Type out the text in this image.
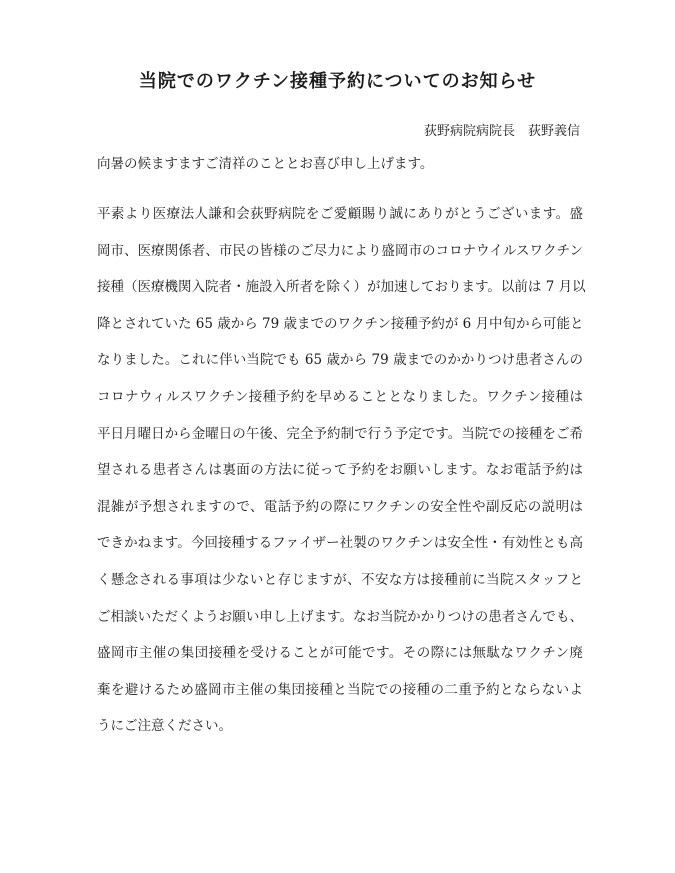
当院でのワクチン接種予約についてのお知らせ

荻野病院病院長　荻野義信

向暑の候ますますご清祥のこととお喜び申し上げます。

平素より医療法人謙和会荻野病院をご愛顧賜り誠にありがとうございます。盛
岡市、医療関係者、市民の皆様のご尽力により盛岡市のコロナウイルスワクチン
接種（医療機関入院者・施設入所者を除く）が加速しております。以前は 7 月以
降とされていた 65 歳から 79 歳までのワクチン接種予約が 6 月中旬から可能と
なりました。これに伴い当院でも 65 歳から 79 歳までのかかりつけ患者さんの
コロナウィルスワクチン接種予約を早めることとなりました。ワクチン接種は
平日月曜日から金曜日の午後、完全予約制で行う予定です。当院での接種をご希
望される患者さんは裏面の方法に従って予約をお願いします。なお電話予約は
混雑が予想されますので、電話予約の際にワクチンの安全性や副反応の説明は
できかねます。今回接種するファイザー社製のワクチンは安全性・有効性とも高
く懸念される事項は少ないと存じますが、不安な方は接種前に当院スタッフと
ご相談いただくようお願い申し上げます。なお当院かかりつけの患者さんでも、
盛岡市主催の集団接種を受けることが可能です。その際には無駄なワクチン廃
棄を避けるため盛岡市主催の集団接種と当院での接種の二重予約とならないよ
うにご注意ください。
